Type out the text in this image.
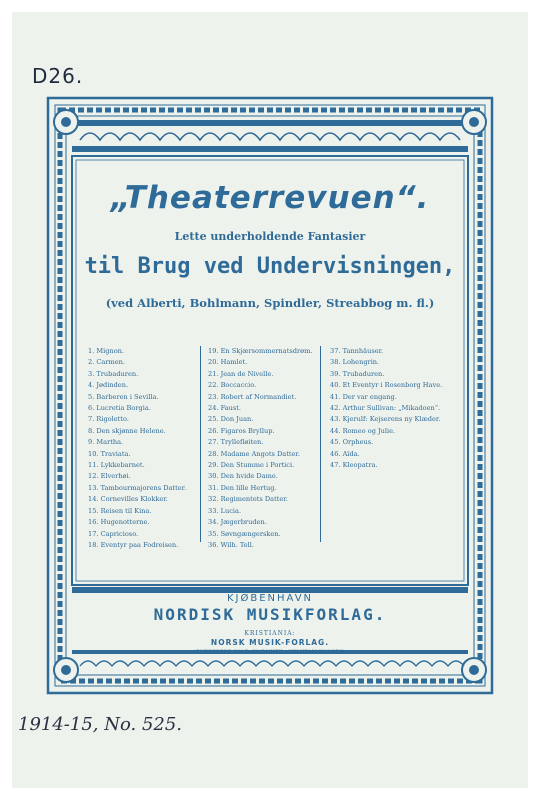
D26.
„Theaterrevuen“.
Lette underholdende Fantasier
til Brug ved Undervisningen,
(ved Alberti, Bohlmann, Spindler, Streabbog m. fl.)
1. Mignon.
2. Carmen.
3. Trubaduren.
4. Jødinden.
5. Barberen i Sevilla.
6. Lucretia Borgia.
7. Rigoletto.
8. Den skjønne Helene.
9. Martha.
10. Traviata.
11. Lykkebarnet.
12. Elverhøi.
13. Tambourmajorens Datter.
14. Cornevilles Klokker.
15. Reisen til Kina.
16. Hugenotterne.
17. Capricioso.
18. Eventyr paa Fodreisen.
19. En Skjærsommernatsdrøm.
20. Hamlet.
21. Jean de Nivelle.
22. Boccaccio.
23. Robert af Normandiet.
24. Faust.
25. Don Juan.
26. Figaros Bryllup.
27. Tryllefløiten.
28. Madame Angots Datter.
29. Den Stumme i Portici.
30. Den hvide Dame.
31. Den lille Hertug.
32. Regimentets Datter.
33. Lucia.
34. Jægerbruden.
35. Søvngængersken.
36. Wilh. Tell.
37. Tannhäuser.
38. Lohengrin.
39. Trubaduren.
40. Et Eventyr i Rosenborg Have.
41. Der var engang.
42. Arthur Sullivan: „Mikadoen“.
43. Kjerulf: Kejserens ny Klæder.
44. Romeo og Julie.
45. Orpheus.
46. Aïda.
47. Kleopatra.
KJØBENHAVN
NORDISK MUSIKFORLAG.
KRISTIANIA:
NORSK MUSIK-FORLAG.
ENEREKERE SALE: WARMUTH · WILHELM HANSEN
1914-15, No. 525.
